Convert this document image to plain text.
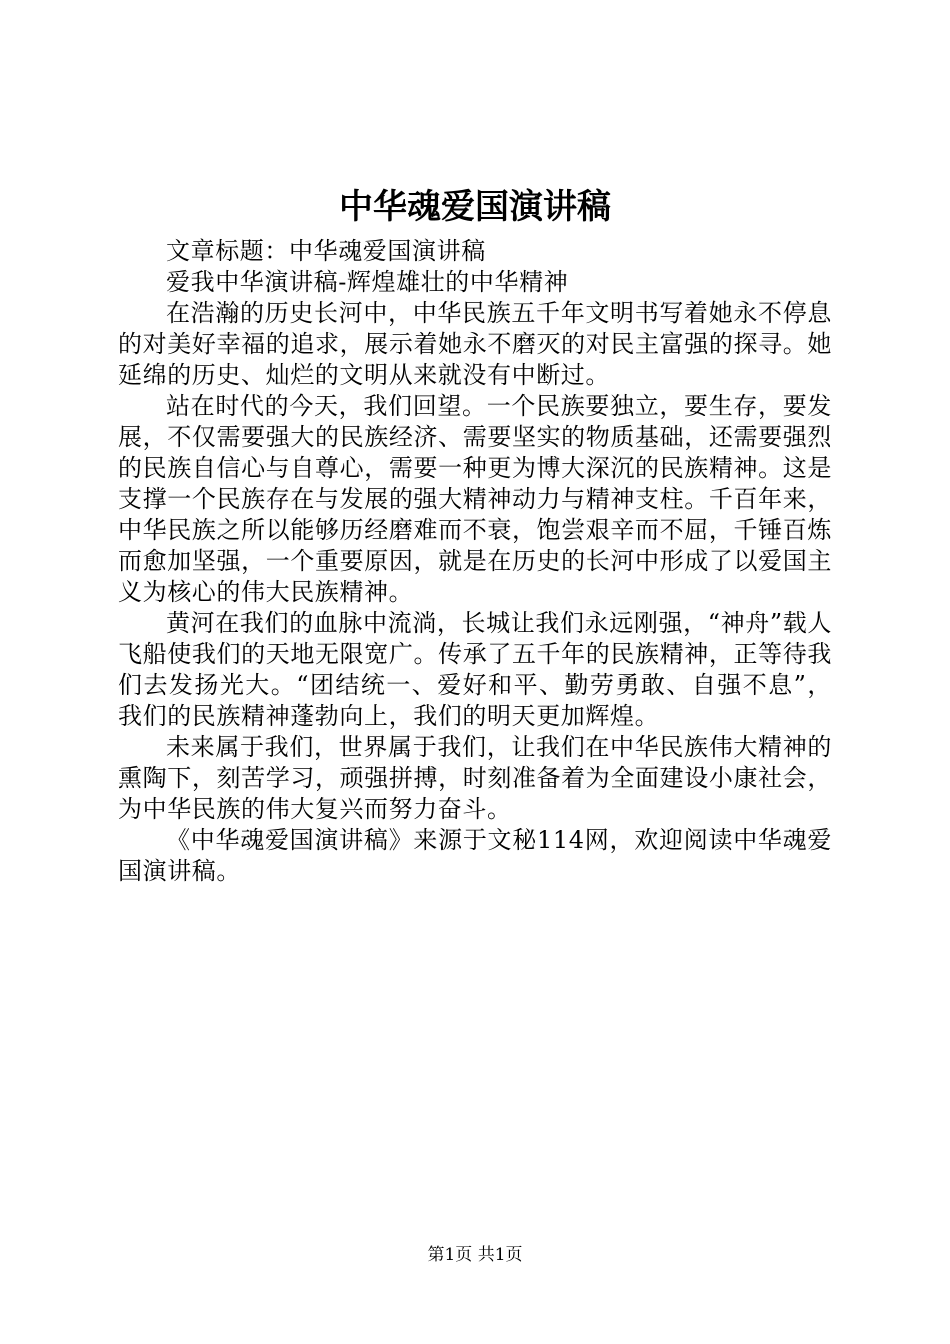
中华魂爱国演讲稿

文章标题：中华魂爱国演讲稿

爱我中华演讲稿-辉煌雄壮的中华精神

在浩瀚的历史长河中，中华民族五千年文明书写着她永不停息的对美好幸福的追求，展示着她永不磨灭的对民主富强的探寻。她延绵的历史、灿烂的文明从来就没有中断过。

站在时代的今天，我们回望。一个民族要独立，要生存，要发展，不仅需要强大的民族经济、需要坚实的物质基础，还需要强烈的民族自信心与自尊心，需要一种更为博大深沉的民族精神。这是支撑一个民族存在与发展的强大精神动力与精神支柱。千百年来，中华民族之所以能够历经磨难而不衰，饱尝艰辛而不屈，千锤百炼而愈加坚强，一个重要原因，就是在历史的长河中形成了以爱国主义为核心的伟大民族精神。

黄河在我们的血脉中流淌，长城让我们永远刚强，“神舟”载人飞船使我们的天地无限宽广。传承了五千年的民族精神，正等待我们去发扬光大。“团结统一、爱好和平、勤劳勇敢、自强不息”，我们的民族精神蓬勃向上，我们的明天更加辉煌。

未来属于我们，世界属于我们，让我们在中华民族伟大精神的熏陶下，刻苦学习，顽强拼搏，时刻准备着为全面建设小康社会，为中华民族的伟大复兴而努力奋斗。

《中华魂爱国演讲稿》来源于文秘114网，欢迎阅读中华魂爱国演讲稿。

第1页 共1页
